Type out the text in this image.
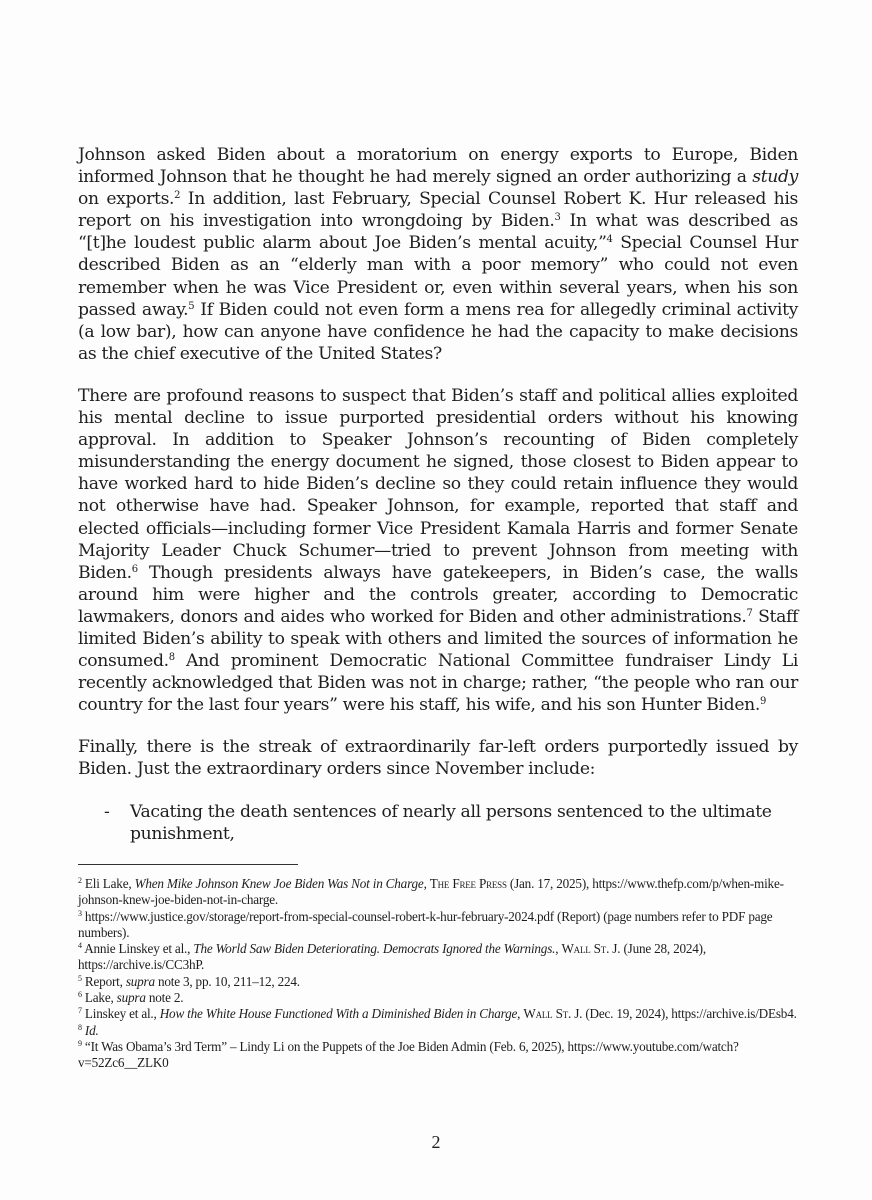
Johnson asked Biden about a moratorium on energy exports to Europe, Biden informed Johnson that he thought he had merely signed an order authorizing a study on exports.$^2$ In addition, last February, Special Counsel Robert K. Hur released his report on his investigation into wrongdoing by Biden.$^3$ In what was described as “[t]he loudest public alarm about Joe Biden’s mental acuity,”$^4$ Special Counsel Hur described Biden as an “elderly man with a poor memory” who could not even remember when he was Vice President or, even within several years, when his son passed away.$^5$ If Biden could not even form a mens rea for allegedly criminal activity (a low bar), how can anyone have confidence he had the capacity to make decisions as the chief executive of the United States?

There are profound reasons to suspect that Biden’s staff and political allies exploited his mental decline to issue purported presidential orders without his knowing approval. In addition to Speaker Johnson’s recounting of Biden completely misunderstanding the energy document he signed, those closest to Biden appear to have worked hard to hide Biden’s decline so they could retain influence they would not otherwise have had. Speaker Johnson, for example, reported that staff and elected officials—including former Vice President Kamala Harris and former Senate Majority Leader Chuck Schumer—tried to prevent Johnson from meeting with Biden.$^6$ Though presidents always have gatekeepers, in Biden’s case, the walls around him were higher and the controls greater, according to Democratic lawmakers, donors and aides who worked for Biden and other administrations.$^7$ Staff limited Biden’s ability to speak with others and limited the sources of information he consumed.$^8$ And prominent Democratic National Committee fundraiser Lindy Li recently acknowledged that Biden was not in charge; rather, “the people who ran our country for the last four years” were his staff, his wife, and his son Hunter Biden.$^9$

Finally, there is the streak of extraordinarily far-left orders purportedly issued by Biden. Just the extraordinary orders since November include:

- Vacating the death sentences of nearly all persons sentenced to the ultimate punishment,

$^2$ Eli Lake, When Mike Johnson Knew Joe Biden Was Not in Charge, The Free Press (Jan. 17, 2025), https://www.thefp.com/p/when-mike-johnson-knew-joe-biden-not-in-charge.

$^3$ https://www.justice.gov/storage/report-from-special-counsel-robert-k-hur-february-2024.pdf (Report) (page numbers refer to PDF page numbers).

$^4$ Annie Linskey et al., The World Saw Biden Deteriorating. Democrats Ignored the Warnings., Wall St. J. (June 28, 2024), https://archive.is/CC3hP.

$^5$ Report, supra note 3, pp. 10, 211–12, 224.

$^6$ Lake, supra note 2.

$^7$ Linskey et al., How the White House Functioned With a Diminished Biden in Charge, Wall St. J. (Dec. 19, 2024), https://archive.is/DEsb4.

$^8$ Id.

$^9$ “It Was Obama’s 3rd Term” – Lindy Li on the Puppets of the Joe Biden Admin (Feb. 6, 2025), https://www.youtube.com/watch?v=52Zc6__ZLK0

2
